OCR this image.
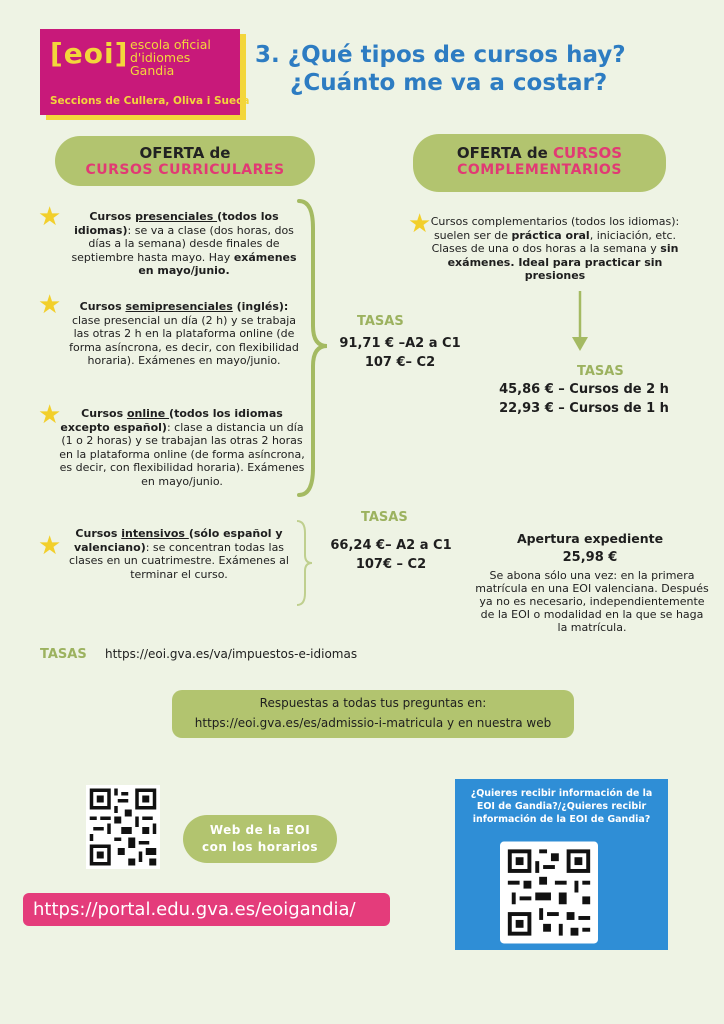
[eoi] escola oficial
d'idiomes
Gandia
Seccions de Cullera, Oliva i Sueca
3. ¿Qué tipos de cursos hay?
¿Cuánto me va a costar?
OFERTA de
CURSOS CURRICULARES
OFERTA de CURSOS
COMPLEMENTARIOS
★
★
★
★
★
Cursos presenciales (todos los idiomas): se va a clase (dos horas, dos días a la semana) desde finales de septiembre hasta mayo. Hay exámenes en mayo/junio.
Cursos semipresenciales (inglés): clase presencial un día (2 h) y se trabaja las otras 2 h en la plataforma online (de forma asíncrona, es decir, con flexibilidad horaria). Exámenes en mayo/junio.
Cursos online (todos los idiomas excepto español): clase a distancia un día (1 o 2 horas) y se trabajan las otras 2 horas en la plataforma online (de forma asíncrona, es decir, con flexibilidad horaria). Exámenes en mayo/junio.
Cursos intensivos (sólo español y valenciano): se concentran todas las clases en un cuatrimestre. Exámenes al terminar el curso.
TASAS
91,71 € –A2 a C1
107 €– C2
TASAS
66,24 €– A2 a C1
107€ – C2
Cursos complementarios (todos los idiomas): suelen ser de práctica oral, iniciación, etc. Clases de una o dos horas a la semana y sin exámenes. Ideal para practicar sin presiones
TASAS
45,86 € – Cursos de 2 h
22,93 € – Cursos de 1 h
Apertura expediente
25,98 €
Se abona sólo una vez: en la primera matrícula en una EOI valenciana. Después ya no es necesario, independientemente de la EOI o modalidad en la que se haga la matrícula.
TASAS https://eoi.gva.es/va/impuestos-e-idiomas
Respuestas a todas tus preguntas en:
https://eoi.gva.es/es/admissio-i-matricula y en nuestra web
Web de la EOI
con los horarios
https://portal.edu.gva.es/eoigandia/
¿Quieres recibir información de la EOI de Gandia?/¿Quieres recibir información de la EOI de Gandia?
